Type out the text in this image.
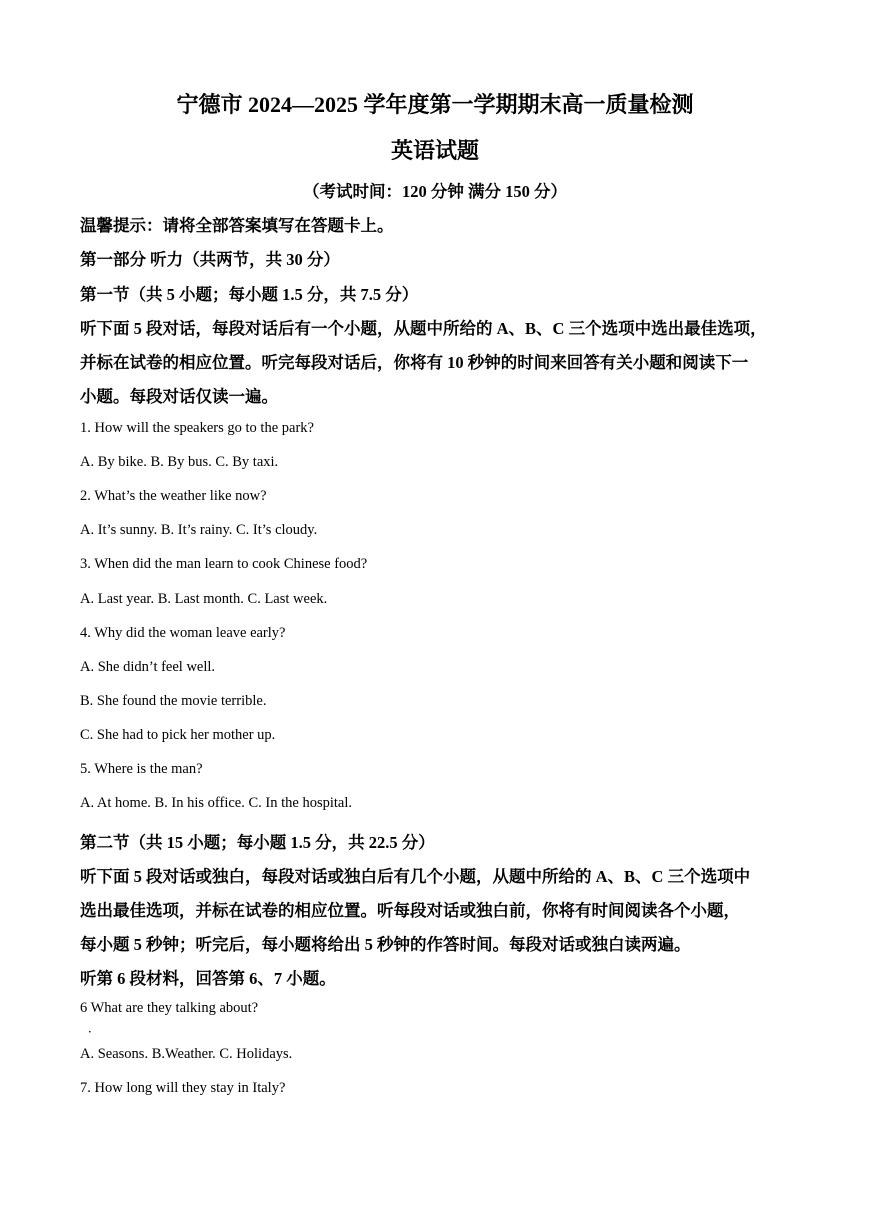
宁德市 2024—2025 学年度第一学期期末高一质量检测
英语试题
（考试时间：120 分钟 满分 150 分）
温馨提示：请将全部答案填写在答题卡上。
第一部分 听力（共两节，共 30 分）
第一节（共 5 小题；每小题 1.5 分，共 7.5 分）
听下面 5 段对话，每段对话后有一个小题，从题中所给的 A、B、C 三个选项中选出最佳选项，
并标在试卷的相应位置。听完每段对话后，你将有 10 秒钟的时间来回答有关小题和阅读下一
小题。每段对话仅读一遍。
1. How will the speakers go to the park?
A. By bike. B. By bus. C. By taxi.
2. What’s the weather like now?
A. It’s sunny. B. It’s rainy. C. It’s cloudy.
3. When did the man learn to cook Chinese food?
A. Last year. B. Last month. C. Last week.
4. Why did the woman leave early?
A. She didn’t feel well.
B. She found the movie terrible.
C. She had to pick her mother up.
5. Where is the man?
A. At home. B. In his office. C. In the hospital.
第二节（共 15 小题；每小题 1.5 分，共 22.5 分）
听下面 5 段对话或独白，每段对话或独白后有几个小题，从题中所给的 A、B、C 三个选项中
选出最佳选项，并标在试卷的相应位置。听每段对话或独白前，你将有时间阅读各个小题，
每小题 5 秒钟；听完后，每小题将给出 5 秒钟的作答时间。每段对话或独白读两遍。
听第 6 段材料，回答第 6、7 小题。
6 What are they talking about?
．
A. Seasons. B.Weather. C. Holidays.
7. How long will they stay in Italy?
